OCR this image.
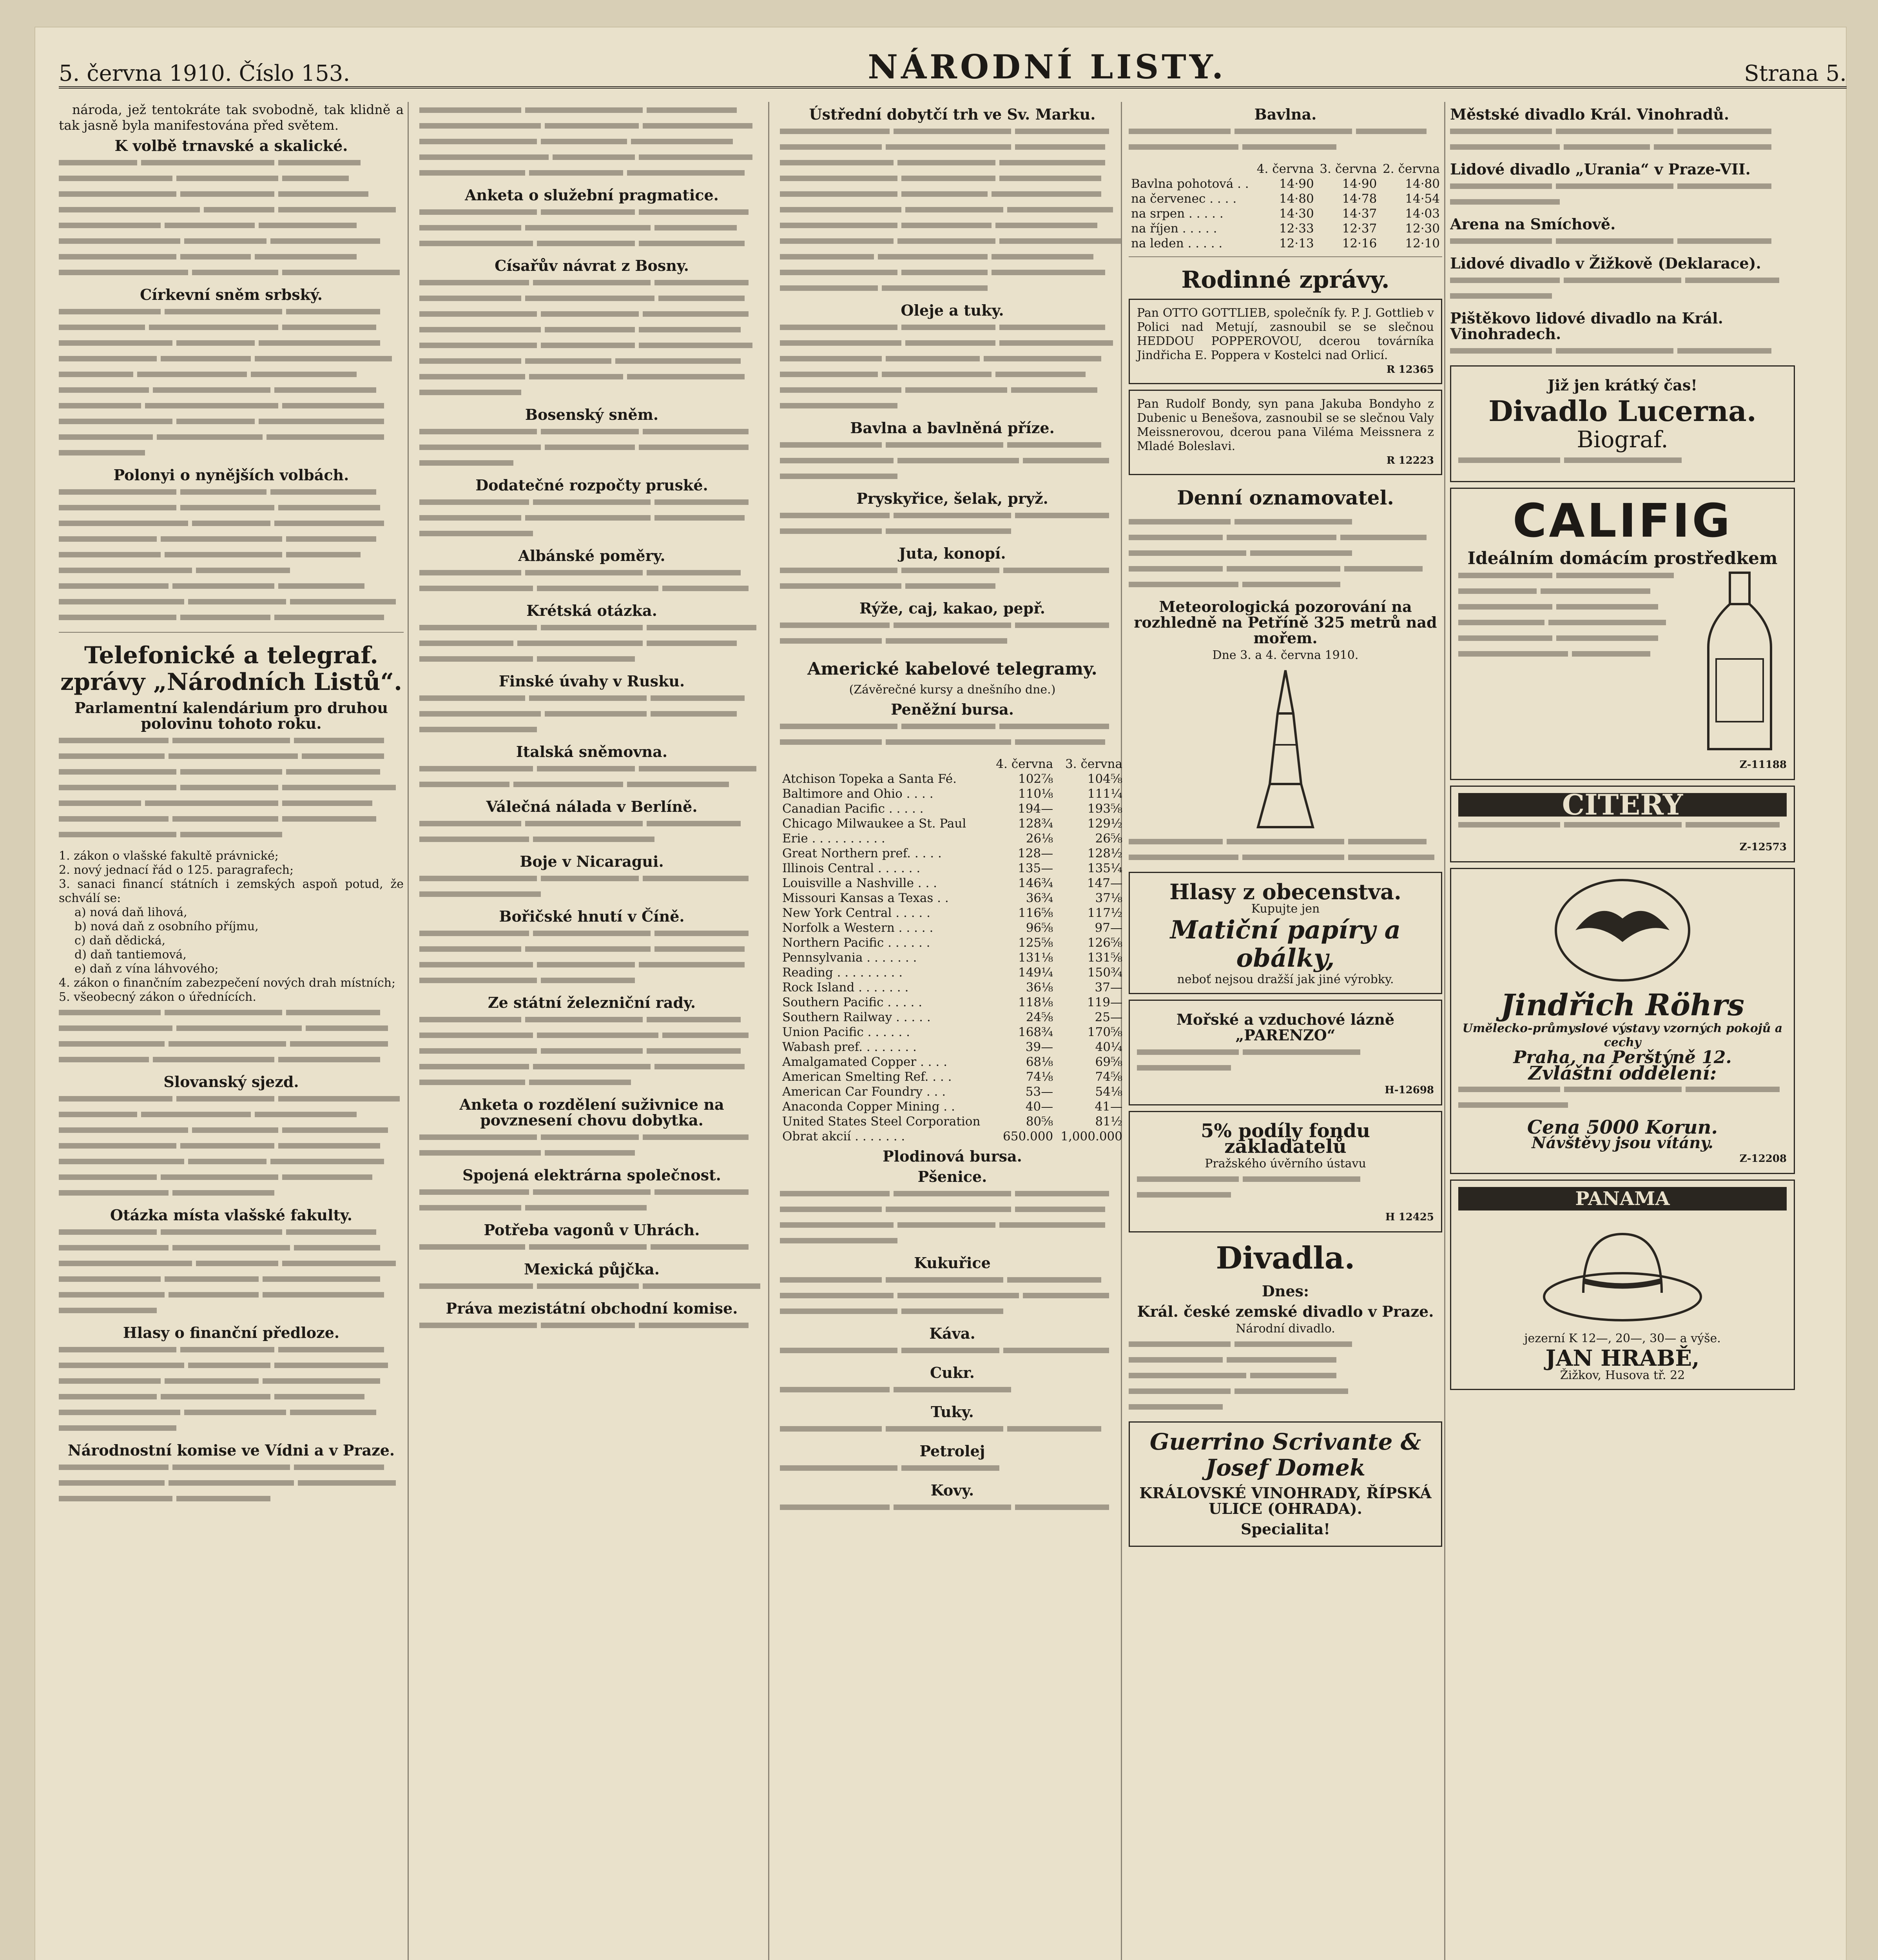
5. června 1910. Číslo 153.	NÁRODNÍ LISTY.	Strana 5.

národa, jež tentokráte tak svobodně, tak klidně a tak jasně byla manifestována před světem.

K volbě trnavské a skalické.
Církevní sněm srbský.
Polonyi o nynějších volbách.
Telefonické a telegraf. zprávy „Národních Listů“.
Parlamentní kalendárium pro druhou polovinu tohoto roku.
1. zákon o vlašské fakultě právnické;
2. nový jednací řád o 125. paragrafech;
3. sanaci financí státních i zemských aspoň potud, že schválí se:
a) nová daň lihová,
b) nová daň z osobního příjmu,
c) daň dědická,
d) daň tantiemová,
e) daň z vína láhvového;
4. zákon o finančním zabezpečení nových drah místních;
5. všeobecný zákon o úřednících.
Slovanský sjezd.
Otázka místa vlašské fakulty.
Hlasy o finanční předloze.
Národnostní komise ve Vídni a v Praze.
Anketa o služební pragmatice.
Císařův návrat z Bosny.
Bosenský sněm.
Dodatečné rozpočty pruské.
Albánské poměry.
Krétská otázka.
Finské úvahy v Rusku.
Italská sněmovna.
Válečná nálada v Berlíně.
Boje v Nicaragui.
Bořičské hnutí v Číně.
Ze státní železniční rady.
Anketa o rozdělení suživnice na povznesení chovu dobytka.
Spojená elektrárna společnost.
Potřeba vagonů v Uhrách.
Mexická půjčka.
Práva mezistátní obchodní komise.
Ústřední dobytčí trh ve Sv. Marku.
Oleje a tuky.
Bavlna a bavlněná příze.
Pryskyřice, šelak, pryž.
Juta, konopí.
Rýže, caj, kakao, pepř.
Americké kabelové telegramy.
(Závěrečné kursy a dnešního dne.)
Peněžní bursa.
	4. června	3. června
Atchison Topeka a Santa Fé.	102⅞	104⅝
Baltimore and Ohio . . . .	110⅛	111¼
Canadian Pacific . . . . .	194—	193⅝
Chicago Milwaukee a St. Paul	128¾	129½
Erie . . . . . . . . . .	26⅛	26⅝
Great Northern pref. . . . .	128—	128½
Illinois Central . . . . . .	135—	135¼
Louisville a Nashville . . .	146¾	147—
Missouri Kansas a Texas . .	36¾	37⅛
New York Central . . . . .	116⅝	117½
Norfolk a Western . . . . .	96⅝	97—
Northern Pacific . . . . . .	125⅝	126⅝
Pennsylvania . . . . . . .	131⅛	131⅝
Reading . . . . . . . . .	149¼	150¾
Rock Island . . . . . . .	36⅛	37—
Southern Pacific . . . . .	118⅛	119—
Southern Railway . . . . .	24⅝	25—
Union Pacific . . . . . .	168¾	170⅝
Wabash pref. . . . . . . .	39—	40¼
Amalgamated Copper . . . .	68⅛	69⅝
American Smelting Ref. . . .	74⅛	74⅝
American Car Foundry . . .	53—	54⅛
Anaconda Copper Mining . .	40—	41—
United States Steel Corporation	80⅝	81½
Obrat akcií . . . . . . .	650.000	1,000.000
Plodinová bursa.
Pšenice.
Kukuřice
Káva.
Cukr.
Tuky.
Petrolej
Kovy.
Bavlna.
	4. června	3. června	2. června
Bavlna pohotová . .	14·90	14·90	14·80
na červenec . . . .	14·80	14·78	14·54
na srpen . . . . .	14·30	14·37	14·03
na říjen . . . . .	12·33	12·37	12·30
na leden . . . . .	12·13	12·16	12·10
Rodinné zprávy.
Pan OTTO GOTTLIEB, společník fy. P. J. Gottlieb v Polici nad Metují, zasnoubil se se slečnou HEDDOU POPPEROVOU, dcerou továrníka Jindřicha E. Poppera v Kostelci nad Orlicí.
R 12365
Pan Rudolf Bondy, syn pana Jakuba Bondyho z Dubenic u Benešova, zasnoubil se se slečnou Valy Meissnerovou, dcerou pana Viléma Meissnera z Mladé Boleslavi.
R 12223
Denní oznamovatel.
Meteorologická pozorování na rozhledně na Petříně 325 metrů nad mořem.
Dne 3. a 4. června 1910.
Hlasy z obecenstva.
Kupujte jen
Matiční papíry a obálky,
neboť nejsou dražší jak jiné výrobky.
Mořské a vzduchové lázně „PARENZO“
H-12698
5% podíly fondu zakladatelů
Pražského úvěrního ústavu
H 12425
Divadla.
Dnes:
Král. české zemské divadlo v Praze.
Národní divadlo.
Guerrino Scrivante & Josef Domek
KRÁLOVSKÉ VINOHRADY, ŘÍPSKÁ ULICE (OHRADA).
Specialita!
Městské divadlo Král. Vinohradů.
Lidové divadlo „Urania“ v Praze-VII.
Arena na Smíchově.
Lidové divadlo v Žižkově (Deklarace).
Pištěkovo lidové divadlo na Král. Vinohradech.
Již jen krátký čas!
Divadlo Lucerna.
Biograf.
CALIFIG
Ideálním domácím prostředkem
Z-11188
CITERY
Z-12573
Jindřich Röhrs
Umělecko-průmyslové výstavy vzorných pokojů a cechy
Praha, na Perštýně 12.
Zvláštní oddělení:
Cena 5000 Korun.
Návštěvy jsou vítány.
Z-12208
PANAMA
jezerní K 12—, 20—, 30— a výše.
JAN HRABĚ,
Žižkov, Husova tř. 22
